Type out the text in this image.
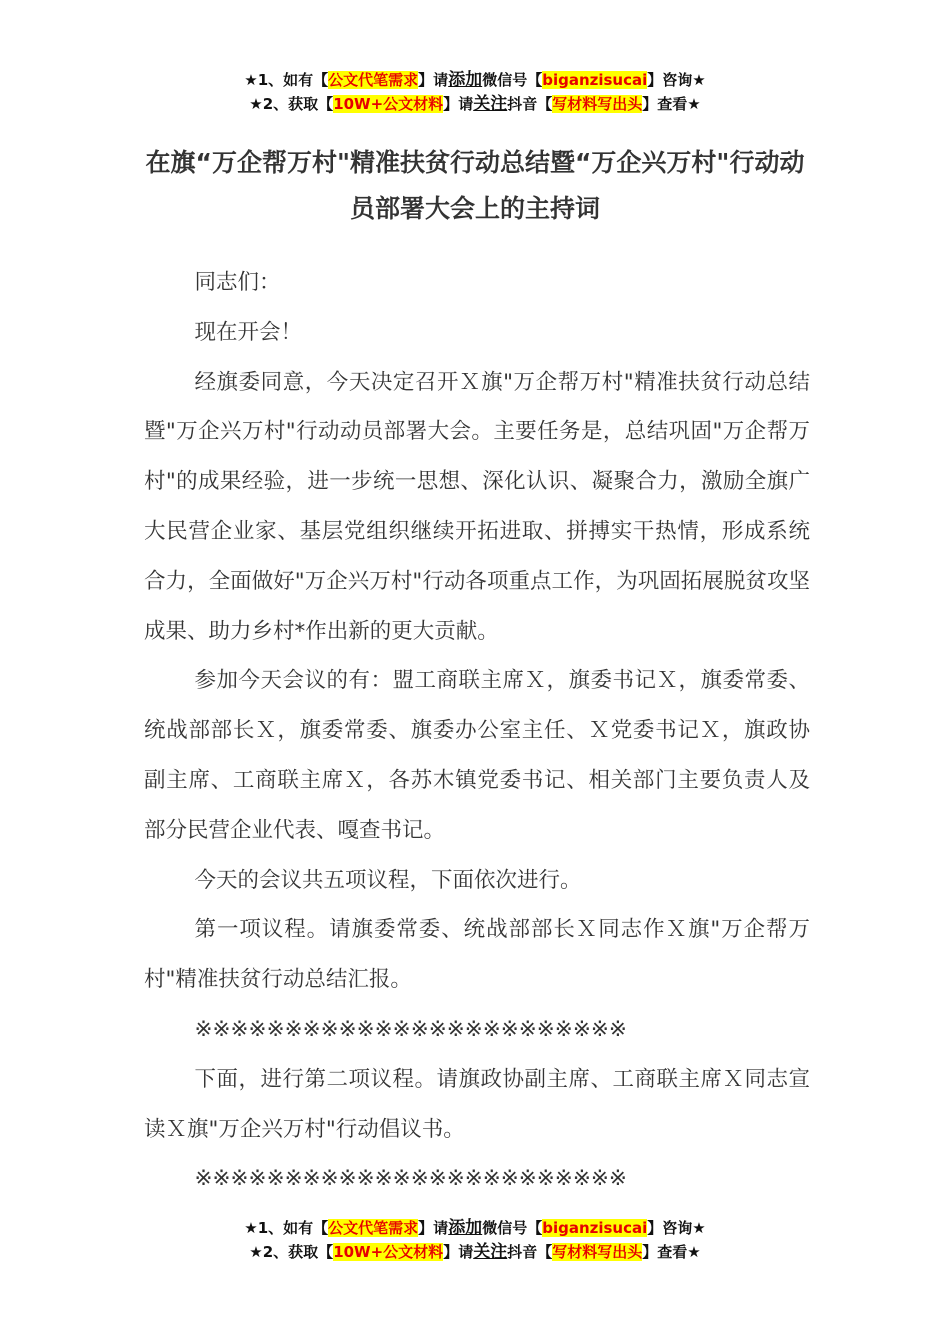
★1、如有【公文代笔需求】请添加微信号【biganzisucai】咨询★
★2、获取【10W+公文材料】请关注抖音【写材料写出头】查看★
在旗“万企帮万村"精准扶贫行动总结暨“万企兴万村"行动动员部署大会上的主持词

同志们：

现在开会！

经旗委同意，今天决定召开Ｘ旗"万企帮万村"精准扶贫行动总结暨"万企兴万村"行动动员部署大会。主要任务是，总结巩固"万企帮万村"的成果经验，进一步统一思想、深化认识、凝聚合力，激励全旗广大民营企业家、基层党组织继续开拓进取、拼搏实干热情，形成系统合力，全面做好"万企兴万村"行动各项重点工作，为巩固拓展脱贫攻坚成果、助力乡村*作出新的更大贡献。

参加今天会议的有：盟工商联主席Ｘ，旗委书记Ｘ，旗委常委、统战部部长Ｘ，旗委常委、旗委办公室主任、Ｘ党委书记Ｘ，旗政协副主席、工商联主席Ｘ，各苏木镇党委书记、相关部门主要负责人及部分民营企业代表、嘎查书记。

今天的会议共五项议程，下面依次进行。

第一项议程。请旗委常委、统战部部长Ｘ同志作Ｘ旗"万企帮万村"精准扶贫行动总结汇报。

※※※※※※※※※※※※※※※※※※※※※※※※

下面，进行第二项议程。请旗政协副主席、工商联主席Ｘ同志宣读Ｘ旗"万企兴万村"行动倡议书。

※※※※※※※※※※※※※※※※※※※※※※※※

★1、如有【公文代笔需求】请添加微信号【biganzisucai】咨询★
★2、获取【10W+公文材料】请关注抖音【写材料写出头】查看★
